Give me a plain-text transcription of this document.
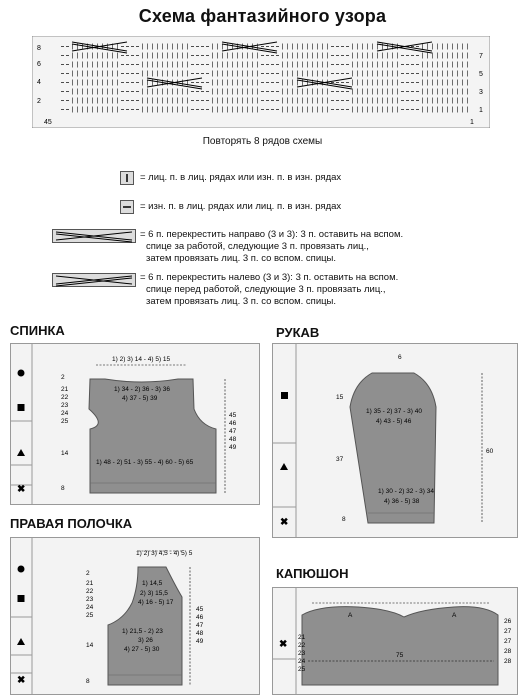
Схема фантазийного узора
8
6
4
2
7
5
3
1
45	1
Повторять 8 рядов схемы
= лиц. п. в лиц. рядах или изн. п. в изн. рядах
= изн. п. в лиц. рядах или лиц. п. в изн. рядах
= 6 п. перекрестить направо (3 и 3): 3 п. оставить на вспом.
спице за работой, следующие 3 п. провязать лиц.,
затем провязать лиц. 3 п. со вспом. спицы.
= 6 п. перекрестить налево (3 и 3): 3 п. оставить на вспом.
спице перед работой, следующие 3 п. провязать лиц.,
затем провязать лиц. 3 п. со вспом. спицы.
СПИНКА	РУКАВ
ПРАВАЯ ПОЛОЧКА
КАПЮШОН
✖
1) 2) 3) 14 - 4) 5) 15
2
21
22
23
24
25
1) 34 - 2) 36 - 3) 36
4) 37 - 5) 39
14
1) 48 - 2) 51 - 3) 55 - 4) 60 - 5) 65
8
45
46
47
48
49
✖
6
15
1) 35 - 2) 37 - 3) 40
4) 43 - 5) 46
37
60
1) 30 - 2) 32 - 3) 34
4) 36 - 5) 38
8
✖
1) 2) 3) 4,5 - 4) 5) 5
2
1) 14,5
2) 3) 15,5
4) 16 - 5) 17
21
22
23
24
25
1) 21,5 - 2) 23
3) 26
4) 27 - 5) 30
14
8
45
46
47
48
49	✖
A	A
75
21
22
23
24
25
26
27
27
28
28
